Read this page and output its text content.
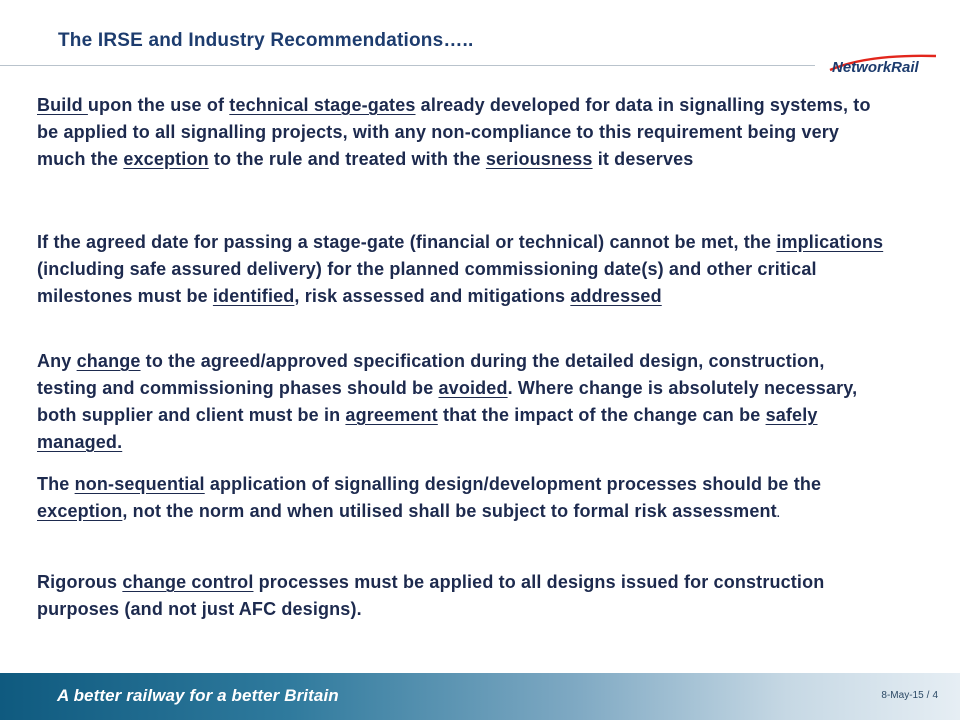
The IRSE and Industry Recommendations…..
NetworkRail

Build upon the use of technical stage-gates already developed for data in signalling systems, to be applied to all signalling projects, with any non-compliance to this requirement being very much the exception to the rule and treated with the seriousness it deserves

If the agreed date for passing a stage-gate (financial or technical) cannot be met, the implications (including safe assured delivery) for the planned commissioning date(s) and other critical milestones must be identified, risk assessed and mitigations addressed

Any change to the agreed/approved specification during the detailed design, construction, testing and commissioning phases should be avoided. Where change is absolutely necessary, both supplier and client must be in agreement that the impact of the change can be safely managed.

The non-sequential application of signalling design/development processes should be the exception, not the norm and when utilised shall be subject to formal risk assessment.

Rigorous change control processes must be applied to all designs issued for construction purposes (and not just AFC designs).

A better railway for a better Britain	8-May-15 / 4
